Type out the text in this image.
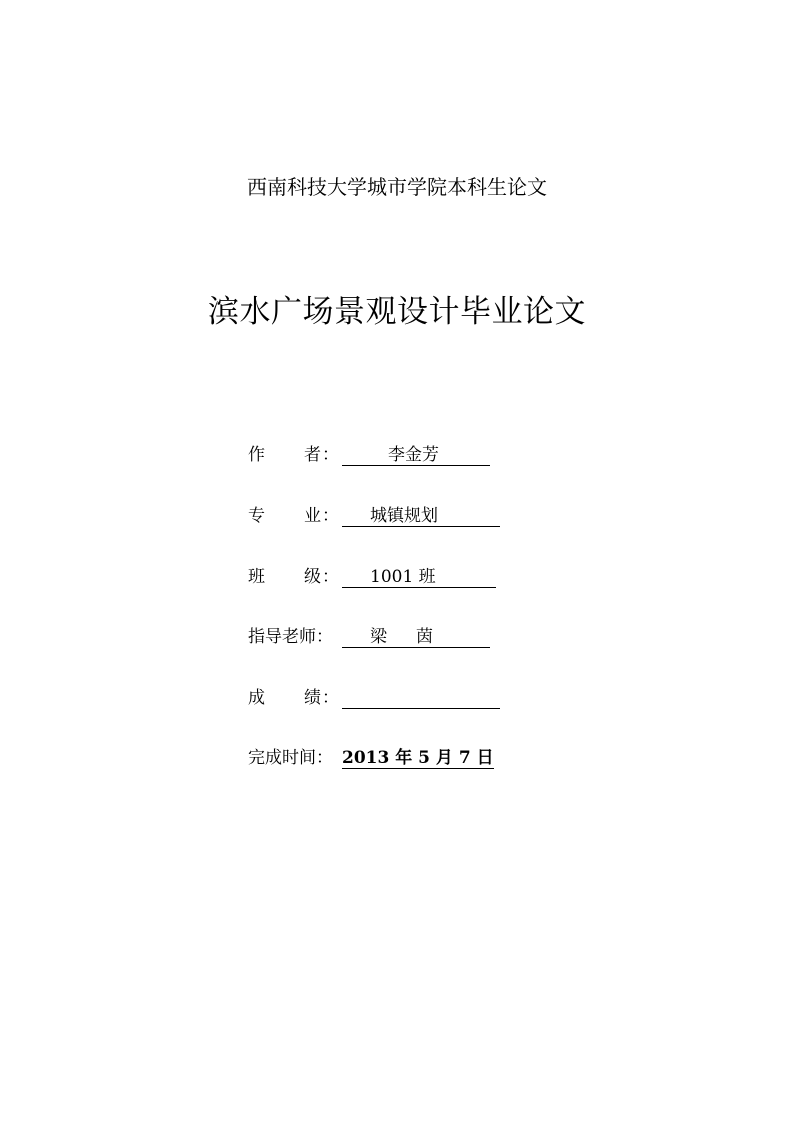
西南科技大学城市学院本科生论文
滨水广场景观设计毕业论文
作 者 ：	李金芳
专 业 ： 城镇规划
班 级 ： 1001 班
指导老师： 梁 茵
成 绩 ：
完成时间： 2013 年 5 月 7 日
